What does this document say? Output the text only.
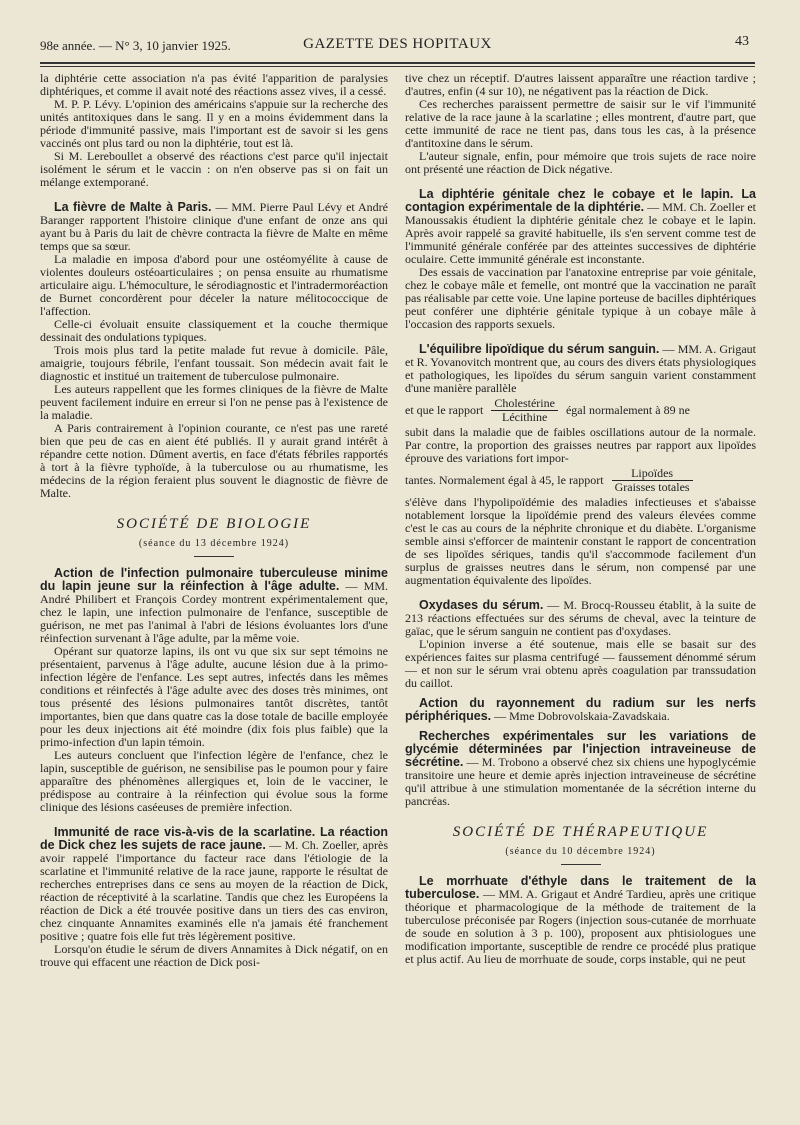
98e année. — N° 3, 10 janvier 1925.	GAZETTE DES HOPITAUX	43

la diphtérie cette association n'a pas évité l'apparition de paralysies diphtériques, et comme il avait noté des réactions assez vives, il a cessé.

M. P. P. Lévy. L'opinion des américains s'appuie sur la recherche des unités antitoxiques dans le sang. Il y en a moins évidemment dans la période d'immunité passive, mais l'important est de savoir si les gens vaccinés ont plus tard ou non la diphtérie, tout est là.

Si M. Lereboullet a observé des réactions c'est parce qu'il injectait isolément le sérum et le vaccin : on n'en observe pas si on fait un mélange extemporané.

La fièvre de Malte à Paris. — MM. Pierre Paul Lévy et André Baranger rapportent l'histoire clinique d'une enfant de onze ans qui ayant bu à Paris du lait de chèvre contracta la fièvre de Malte en même temps que sa sœur.

La maladie en imposa d'abord pour une ostéomyélite à cause de violentes douleurs ostéoarticulaires ; on pensa ensuite au rhumatisme articulaire aigu. L'hémoculture, le sérodiagnostic et l'intradermoréaction de Burnet concordèrent pour déceler la nature mélitococcique de l'affection.

Celle-ci évoluait ensuite classiquement et la couche thermique dessinait des ondulations typiques.

Trois mois plus tard la petite malade fut revue à domicile. Pâle, amaigrie, toujours fébrile, l'enfant toussait. Son médecin avait fait le diagnostic et institué un traitement de tuberculose pulmonaire.

Les auteurs rappellent que les formes cliniques de la fièvre de Malte peuvent facilement induire en erreur si l'on ne pense pas à l'existence de la maladie.

A Paris contrairement à l'opinion courante, ce n'est pas une rareté bien que peu de cas en aient été publiés. Il y aurait grand intérêt à répandre cette notion. Dûment avertis, en face d'états fébriles rapportés à tort à la fièvre typhoïde, à la tuberculose ou au rhumatisme, les médecins de la région feraient plus souvent le diagnostic de fièvre de Malte.

SOCIÉTÉ DE BIOLOGIE
(séance du 13 décembre 1924)

Action de l'infection pulmonaire tuberculeuse minime du lapin jeune sur la réinfection à l'âge adulte. — MM. André Philibert et François Cordey montrent expérimentalement que, chez le lapin, une infection pulmonaire de l'enfance, susceptible de guérison, ne met pas l'animal à l'abri de lésions évoluantes lors d'une réinfection survenant à l'âge adulte, par la même voie.

Opérant sur quatorze lapins, ils ont vu que six sur sept témoins ne présentaient, parvenus à l'âge adulte, aucune lésion due à la primo-infection légère de l'enfance. Les sept autres, infectés dans les mêmes conditions et réinfectés à l'âge adulte avec des doses très minimes, ont tous présenté des lésions pulmonaires tantôt discrètes, tantôt importantes, bien que dans quatre cas la dose totale de bacille employée pour les deux injections ait été moindre (dix fois plus faible) que la primo-infection d'un lapin témoin.

Les auteurs concluent que l'infection légère de l'enfance, chez le lapin, susceptible de guérison, ne sensibilise pas le poumon pour y faire apparaître des phénomènes allergiques et, loin de le vacciner, le prédispose au contraire à la réinfection qui évolue sous la forme clinique des lésions caséeuses de première infection.

Immunité de race vis-à-vis de la scarlatine. La réaction de Dick chez les sujets de race jaune. — M. Ch. Zoeller, après avoir rappelé l'importance du facteur race dans l'étiologie de la scarlatine et l'immunité relative de la race jaune, rapporte le résultat de recherches entreprises dans ce sens au moyen de la réaction de Dick, réaction de réceptivité à la scarlatine. Tandis que chez les Européens la réaction de Dick a été trouvée positive dans un tiers des cas environ, chez cinquante Annamites examinés elle n'a jamais été franchement positive ; quatre fois elle fut très légèrement positive.

Lorsqu'on étudie le sérum de divers Annamites à Dick négatif, on en trouve qui effacent une réaction de Dick posi-

tive chez un réceptif. D'autres laissent apparaître une réaction tardive ; d'autres, enfin (4 sur 10), ne négativent pas la réaction de Dick.

Ces recherches paraissent permettre de saisir sur le vif l'immunité relative de la race jaune à la scarlatine ; elles montrent, d'autre part, que cette immunité de race ne tient pas, dans tous les cas, à la présence d'antitoxine dans le sérum.

L'auteur signale, enfin, pour mémoire que trois sujets de race noire ont présenté une réaction de Dick négative.

La diphtérie génitale chez le cobaye et le lapin. La contagion expérimentale de la diphtérie. — MM. Ch. Zoeller et Manoussakis étudient la diphtérie génitale chez le cobaye et le lapin. Après avoir rappelé sa gravité habituelle, ils s'en servent comme test de l'immunité générale conférée par des atteintes successives de diphtérie oculaire. Cette immunité générale est inconstante.

Des essais de vaccination par l'anatoxine entreprise par voie génitale, chez le cobaye mâle et femelle, ont montré que la vaccination ne paraît pas réalisable par cette voie. Une lapine porteuse de bacilles diphtériques peut conférer une diphtérie génitale typique à un cobaye mâle à l'occasion des rapports sexuels.

L'équilibre lipoïdique du sérum sanguin. — MM. A. Grigaut et R. Yovanovitch montrent que, au cours des divers états physiologiques et pathologiques, les lipoïdes du sérum sanguin varient constamment d'une manière parallèle

et que le rapport $\frac{\text{Cholestérine}}{\text{Lécithine}}$ égal normalement à 89 ne

subit dans la maladie que de faibles oscillations autour de la normale. Par contre, la proportion des graisses neutres par rapport aux lipoïdes éprouve des variations fort impor-

tantes. Normalement égal à 45, le rapport $\frac{\text{Lipoïdes}}{\text{Graisses totales}}$

s'élève dans l'hypolipoïdémie des maladies infectieuses et s'abaisse notablement lorsque la lipoïdémie prend des valeurs élevées comme c'est le cas au cours de la néphrite chronique et du diabète. L'organisme semble ainsi s'efforcer de maintenir constant le rapport de concentration de ses lipoïdes sériques, tandis qu'il s'accommode facilement d'un surplus de graisses neutres dans le sérum, non compensé par une augmentation équivalente des lipoïdes.

Oxydases du sérum. — M. Brocq-Rousseu établit, à la suite de 213 réactions effectuées sur des sérums de cheval, avec la teinture de gaïac, que le sérum sanguin ne contient pas d'oxydases.

L'opinion inverse a été soutenue, mais elle se basait sur des expériences faites sur plasma centrifugé — faussement dénommé sérum — et non sur le sérum vrai obtenu après coagulation par transsudation du caillot.

Action du rayonnement du radium sur les nerfs périphériques. — Mme Dobrovolskaia-Zavadskaia.

Recherches expérimentales sur les variations de glycémie déterminées par l'injection intraveineuse de sécrétine. — M. Trobono a observé chez six chiens une hypoglycémie transitoire une heure et demie après injection intraveineuse de sécrétine qu'il attribue à une stimulation momentanée de la sécrétion interne du pancréas.

SOCIÉTÉ DE THÉRAPEUTIQUE
(séance du 10 décembre 1924)

Le morrhuate d'éthyle dans le traitement de la tuberculose. — MM. A. Grigaut et André Tardieu, après une critique théorique et pharmacologique de la méthode de traitement de la tuberculose préconisée par Rogers (injection sous-cutanée de morrhuate de soude en solution à 3 p. 100), proposent aux phtisiologues une modification importante, susceptible de rendre ce procédé plus pratique et plus actif. Au lieu de morrhuate de soude, corps instable, qui ne peut
